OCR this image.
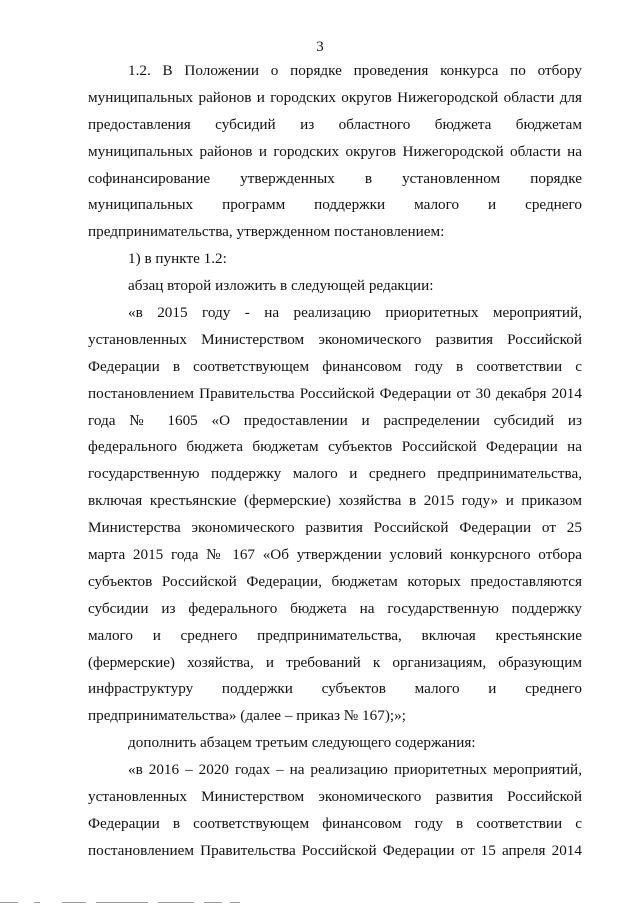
3
1.2. В Положении о порядке проведения конкурса по отбору
муниципальных районов и городских округов Нижегородской области для
предоставления субсидий из областного бюджета бюджетам
муниципальных районов и городских округов Нижегородской области на
софинансирование утвержденных в установленном порядке
муниципальных программ поддержки малого и среднего
предпринимательства, утвержденном постановлением:
1) в пункте 1.2:
абзац второй изложить в следующей редакции:
«в 2015 году - на реализацию приоритетных мероприятий,
установленных Министерством экономического развития Российской
Федерации в соответствующем финансовом году в соответствии с
постановлением Правительства Российской Федерации от 30 декабря 2014
года № 1605 «О предоставлении и распределении субсидий из
федерального бюджета бюджетам субъектов Российской Федерации на
государственную поддержку малого и среднего предпринимательства,
включая крестьянские (фермерские) хозяйства в 2015 году» и приказом
Министерства экономического развития Российской Федерации от 25
марта 2015 года № 167 «Об утверждении условий конкурсного отбора
субъектов Российской Федерации, бюджетам которых предоставляются
субсидии из федерального бюджета на государственную поддержку
малого и среднего предпринимательства, включая крестьянские
(фермерские) хозяйства, и требований к организациям, образующим
инфраструктуру поддержки субъектов малого и среднего
предпринимательства» (далее – приказ № 167);»;
дополнить абзацем третьим следующего содержания:
«в 2016 – 2020 годах – на реализацию приоритетных мероприятий,
установленных Министерством экономического развития Российской
Федерации в соответствующем финансовом году в соответствии с
постановлением Правительства Российской Федерации от 15 апреля 2014
